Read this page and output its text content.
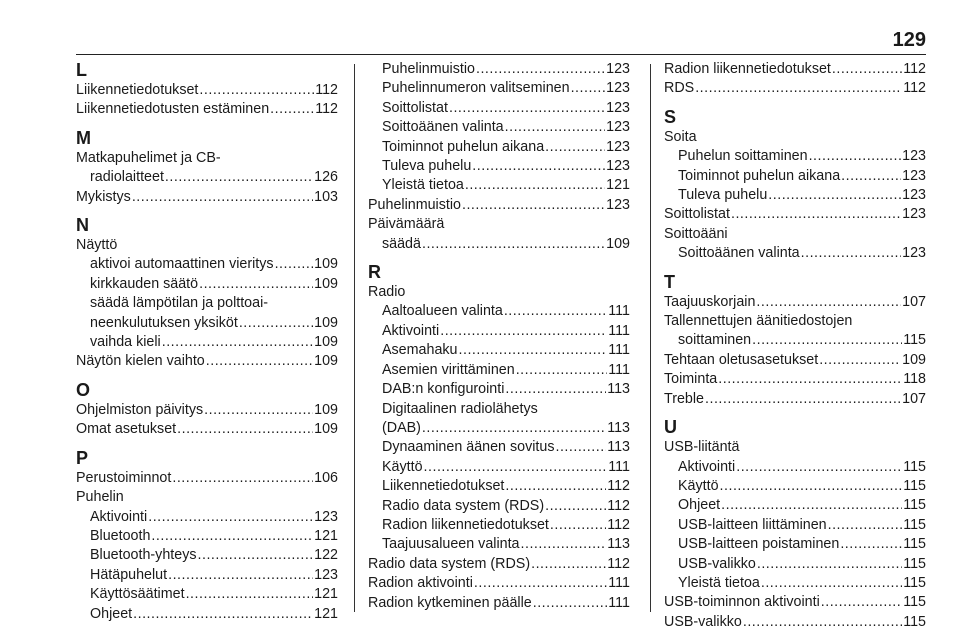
129
L
Liikennetiedotukset .....	112
Liikennetiedotusten estäminen .....	112
M
Matkapuhelimet ja CB-
radiolaitteet .....	126
Mykistys .....	103
N
Näyttö
aktivoi automaattinen vieritys .....	109
kirkkauden säätö .....	109
säädä lämpötilan ja polttoai-
neenkulutuksen yksiköt .....	109
vaihda kieli .....	109
Näytön kielen vaihto .....	109
O
Ohjelmiston päivitys .....	109
Omat asetukset .....	109
P
Perustoiminnot .....	106
Puhelin
Aktivointi .....	123
Bluetooth .....	121
Bluetooth-yhteys .....	122
Hätäpuhelut .....	123
Käyttösäätimet .....	121
Ohjeet .....	121
Puhelinmuistio .....	123
Puhelinnumeron valitseminen .....	123
Soittolistat .....	123
Soittoäänen valinta .....	123
Toiminnot puhelun aikana .....	123
Tuleva puhelu .....	123
Yleistä tietoa .....	121
Puhelinmuistio .....	123
Päivämäärä
säädä .....	109
R
Radio
Aaltoalueen valinta .....	111
Aktivointi .....	111
Asemahaku .....	111
Asemien virittäminen .....	111
DAB:n konfigurointi .....	113
Digitaalinen radiolähetys
(DAB) .....	113
Dynaaminen äänen sovitus .....	113
Käyttö .....	111
Liikennetiedotukset .....	112
Radio data system (RDS) .....	112
Radion liikennetiedotukset .....	112
Taajuusalueen valinta .....	113
Radio data system (RDS) .....	112
Radion aktivointi .....	111
Radion kytkeminen päälle .....	111
Radion liikennetiedotukset .....	112
RDS .....	112
S
Soita
Puhelun soittaminen .....	123
Toiminnot puhelun aikana .....	123
Tuleva puhelu .....	123
Soittolistat .....	123
Soittoääni
Soittoäänen valinta .....	123
T
Taajuuskorjain .....	107
Tallennettujen äänitiedostojen
soittaminen .....	115
Tehtaan oletusasetukset .....	109
Toiminta .....	118
Treble .....	107
U
USB-liitäntä
Aktivointi .....	115
Käyttö .....	115
Ohjeet .....	115
USB-laitteen liittäminen .....	115
USB-laitteen poistaminen .....	115
USB-valikko .....	115
Yleistä tietoa .....	115
USB-toiminnon aktivointi .....	115
USB-valikko .....	115
